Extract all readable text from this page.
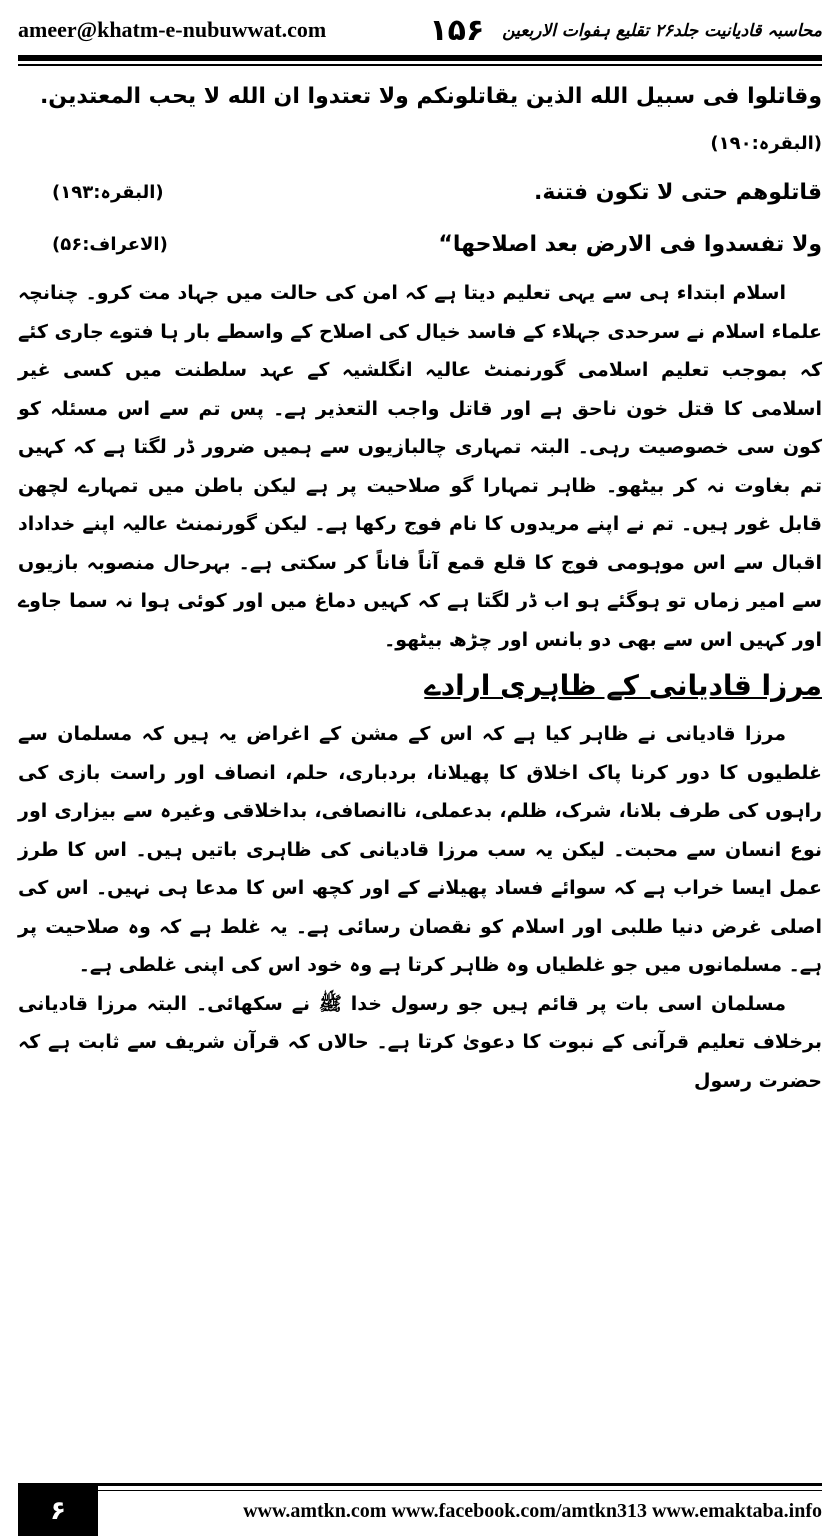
ameer@khatm-e-nubuwwat.com	محاسبہ قادیانیت جلد۲۶ تقلیع ہفوات الاربعین
۱۵۶
وقاتلوا فی سبیل الله الذین یقاتلونکم ولا تعتدوا ان الله لا یحب المعتدین.
(البقرہ:۱۹۰)
قاتلوهم حتی لا تکون فتنة.
(البقرہ:۱۹۳)
ولا تفسدوا فی الارض بعد اصلاحها“
(الاعراف:۵۶)

اسلام ابتداء ہی سے یہی تعلیم دیتا ہے کہ امن کی حالت میں جہاد مت کرو۔ چنانچہ علماء اسلام نے سرحدی جہلاء کے فاسد خیال کی اصلاح کے واسطے بار ہا فتوے جاری کئے کہ بموجب تعلیم اسلامی گورنمنٹ عالیہ انگلشیہ کے عہد سلطنت میں کسی غیر اسلامی کا قتل خون ناحق ہے اور قاتل واجب التعذیر ہے۔ پس تم سے اس مسئلہ کو کون سی خصوصیت رہی۔ البتہ تمہاری چالبازیوں سے ہمیں ضرور ڈر لگتا ہے کہ کہیں تم بغاوت نہ کر بیٹھو۔ ظاہر تمہارا گو صلاحیت پر ہے لیکن باطن میں تمہارے لچھن قابل غور ہیں۔ تم نے اپنے مریدوں کا نام فوج رکھا ہے۔ لیکن گورنمنٹ عالیہ اپنے خداداد اقبال سے اس موہومی فوج کا قلع قمع آناً فاناً کر سکتی ہے۔ بہرحال منصوبہ بازیوں سے امیر زماں تو ہوگئے ہو اب ڈر لگتا ہے کہ کہیں دماغ میں اور کوئی ہوا نہ سما جاوے اور کہیں اس سے بھی دو بانس اور چڑھ بیٹھو۔

مرزا قادیانی کے ظاہری ارادے

مرزا قادیانی نے ظاہر کیا ہے کہ اس کے مشن کے اغراض یہ ہیں کہ مسلمان سے غلطیوں کا دور کرنا پاک اخلاق کا پھیلانا، بردباری، حلم، انصاف اور راست بازی کی راہوں کی طرف بلانا، شرک، ظلم، بدعملی، ناانصافی، بداخلاقی وغیرہ سے بیزاری اور نوع انسان سے محبت۔ لیکن یہ سب مرزا قادیانی کی ظاہری باتیں ہیں۔ اس کا طرز عمل ایسا خراب ہے کہ سوائے فساد پھیلانے کے اور کچھ اس کا مدعا ہی نہیں۔ اس کی اصلی غرض دنیا طلبی اور اسلام کو نقصان رسائی ہے۔ یہ غلط ہے کہ وہ صلاحیت پر ہے۔ مسلمانوں میں جو غلطیاں وہ ظاہر کرتا ہے وہ خود اس کی اپنی غلطی ہے۔

مسلمان اسی بات پر قائم ہیں جو رسول خدا ﷺ نے سکھائی۔ البتہ مرزا قادیانی برخلاف تعلیم قرآنی کے نبوت کا دعویٰ کرتا ہے۔ حالاں کہ قرآن شریف سے ثابت ہے کہ حضرت رسول

۶	www.amtkn.com www.facebook.com/amtkn313 www.emaktaba.info
